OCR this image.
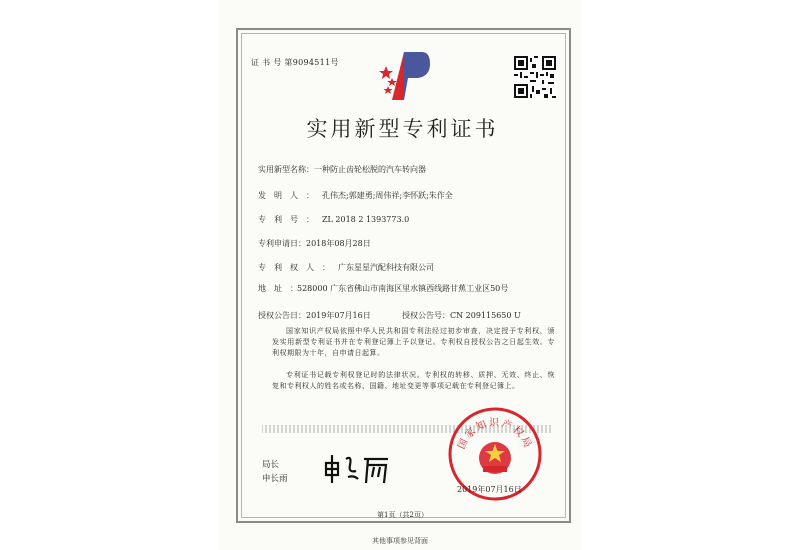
证 书 号 第9094511号
实用新型专利证书
实用新型名称：一种防止齿轮松脱的汽车转向器
发明人：孔伟杰;郭建勇;周伟祥;李怀跃;朱作全
专利号：ZL 2018 2 1393773.0
专利申请日：2018年08月28日
专利权人：广东星星汽配科技有限公司
地址：
528000 广东省佛山市南海区里水镇西线路甘蕉工业区50号
授权公告日：2019年07月16日	授权公告号：CN 209115650 U
国家知识产权局依照中华人民共和国专利法经过初步审查，决定授予专利权，颁发实用新型专利证书并在专利登记簿上予以登记。专利权自授权公告之日起生效。专利权期限为十年，自申请日起算。
专利证书记载专利权登记时的法律状况。专利权的转移、质押、无效、终止、恢复和专利权人的姓名或名称、国籍、地址变更等事项记载在专利登记簿上。
局长
申长雨
国家知识产权局
2019年07月16日
第1页（共2页）
其他事项参见背面
